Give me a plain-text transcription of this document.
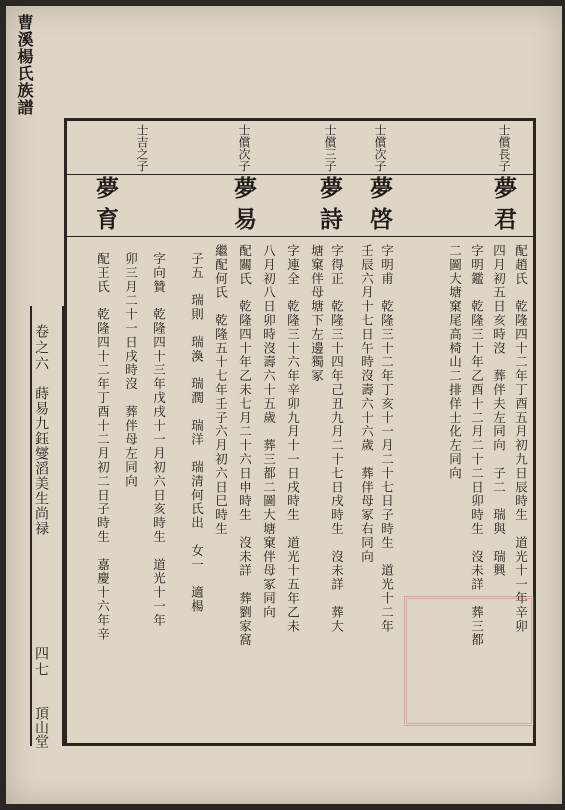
曹溪楊氏族譜
卷之六
蒔易九鈺燮滔美生尚禄
四七
頂山堂
士償長子
夢君
配趙氏　乾隆四十二年丁酉五月初九日辰時生　道光十一年辛卯
四月初五日亥時沒　葬伴夫左同向　子二　瑞與　瑞興
字明鑑　乾隆三十年乙酉十二月二十二日卯時生　沒未詳　葬三都
二圖大塘窠尾高椅山二排佯士化左同向
士償次子
夢啓
字明甫　乾隆三十二年丁亥十一月二十七日子時生　道光十二年
壬辰六月十七日午時沒壽六十六歲　葬伴母冢右同向
士償三子
夢詩
字得正　乾隆三十四年己丑九月二十七日戌時生　沒未詳　葬大
塘窠伴母塘下左邊獨冢
士償次子
夢易
字連全　乾隆三十六年辛卯九月十一日戌時生　道光十五年乙未
八月初八日卯時沒壽六十五歲　葬三都二圖大塘窠伴母冢同向
配關氏　乾隆四十年乙未七月二十六日申時生　沒未詳　葬劉家窩
繼配何氏　乾隆五十七年壬子六月初六日巳時生
子五　瑞則　瑞渙　瑞潤　瑞洋　瑞清何氏出　女一　適楊
士吉之子
夢育
字向贊　乾隆四十三年戊戌十一月初六日亥時生　道光十一年
卯三月二十一日戌時沒　葬伴母左同向
配王氏　乾隆四十二年丁酉十二月初二日子時生　嘉慶十六年辛
